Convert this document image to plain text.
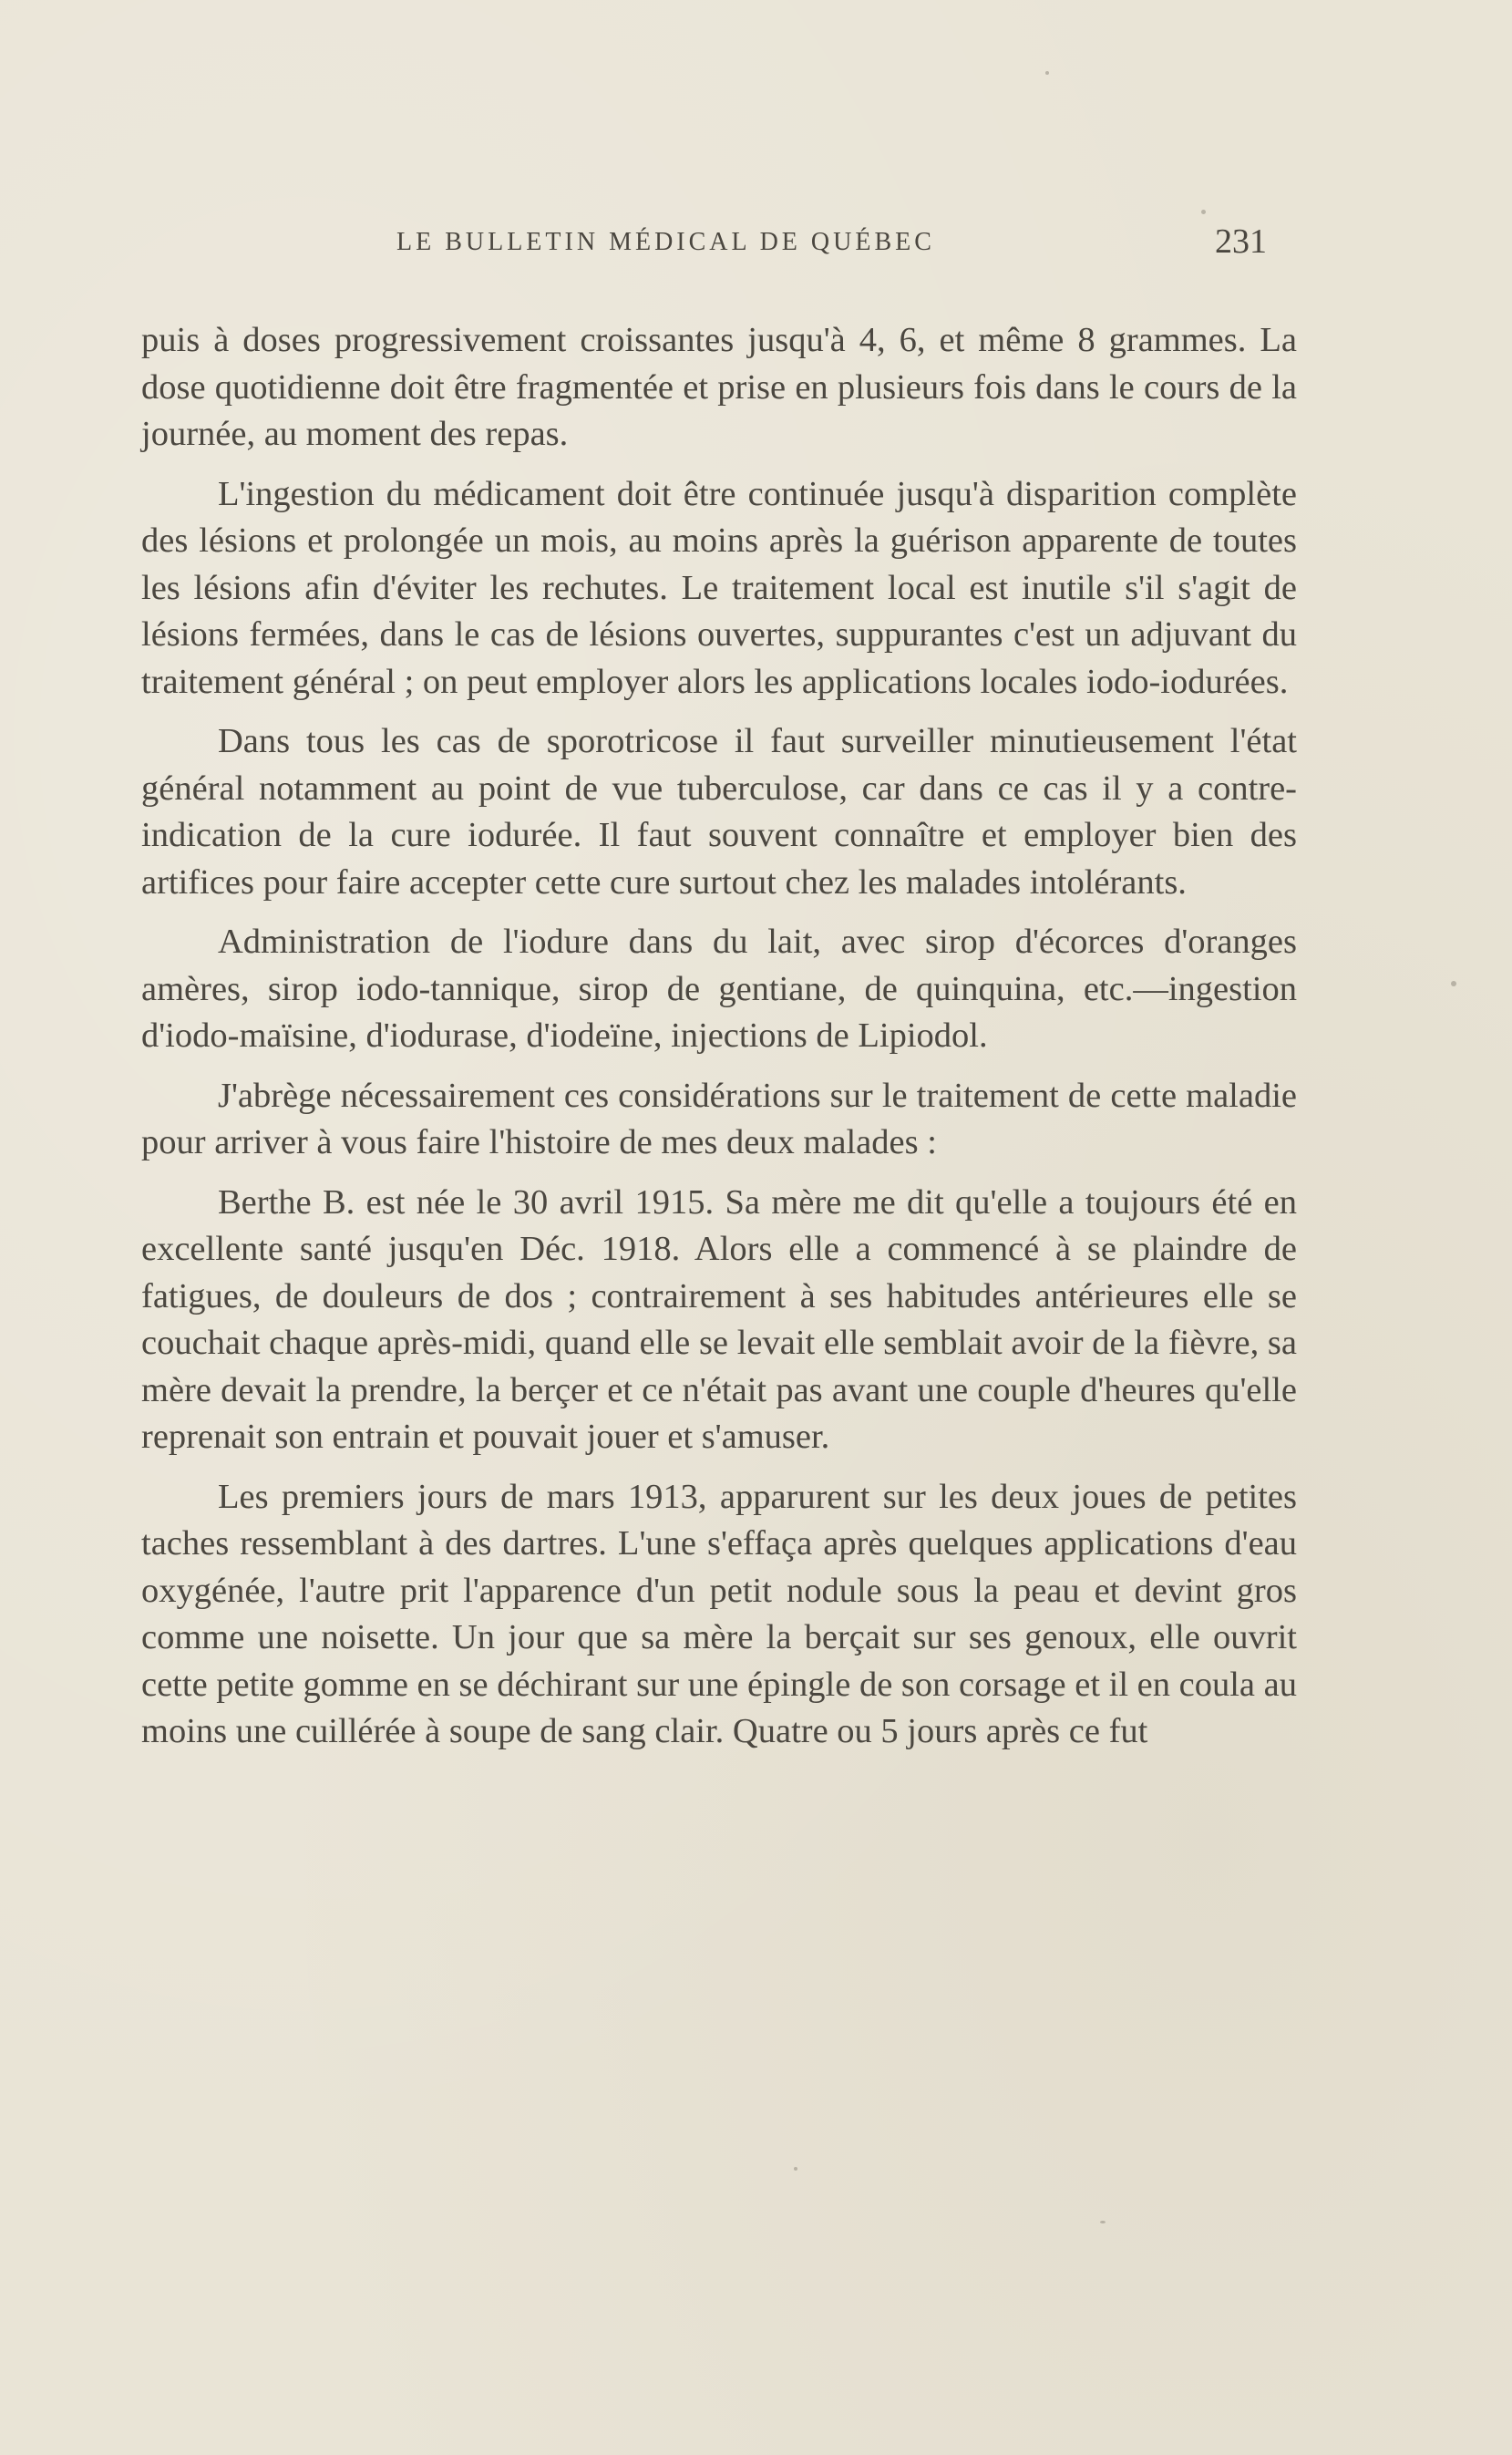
LE BULLETIN MÉDICAL DE QUÉBEC	231

puis à doses progressivement croissantes jusqu'à 4, 6, et même 8 grammes. La dose quotidienne doit être fragmentée et prise en plusieurs fois dans le cours de la journée, au moment des repas.

L'ingestion du médicament doit être continuée jusqu'à disparition complète des lésions et prolongée un mois, au moins après la guérison apparente de toutes les lésions afin d'éviter les rechutes. Le traitement local est inutile s'il s'agit de lésions fermées, dans le cas de lésions ouvertes, suppurantes c'est un adjuvant du traitement général ; on peut employer alors les applications locales iodo-iodurées.

Dans tous les cas de sporotricose il faut surveiller minutieusement l'état général notamment au point de vue tuberculose, car dans ce cas il y a contre-indication de la cure iodurée. Il faut souvent connaître et employer bien des artifices pour faire accepter cette cure surtout chez les malades intolérants.

Administration de l'iodure dans du lait, avec sirop d'écorces d'oranges amères, sirop iodo-tannique, sirop de gentiane, de quinquina, etc.—ingestion d'iodo-maïsine, d'iodurase, d'iodeïne, injections de Lipiodol.

J'abrège nécessairement ces considérations sur le traitement de cette maladie pour arriver à vous faire l'histoire de mes deux malades :

Berthe B. est née le 30 avril 1915. Sa mère me dit qu'elle a toujours été en excellente santé jusqu'en Déc. 1918. Alors elle a commencé à se plaindre de fatigues, de douleurs de dos ; contrairement à ses habitudes antérieures elle se couchait chaque après-midi, quand elle se levait elle semblait avoir de la fièvre, sa mère devait la prendre, la berçer et ce n'était pas avant une couple d'heures qu'elle reprenait son entrain et pouvait jouer et s'amuser.

Les premiers jours de mars 1913, apparurent sur les deux joues de petites taches ressemblant à des dartres. L'une s'effaça après quelques applications d'eau oxygénée, l'autre prit l'apparence d'un petit nodule sous la peau et devint gros comme une noisette. Un jour que sa mère la berçait sur ses genoux, elle ouvrit cette petite gomme en se déchirant sur une épingle de son corsage et il en coula au moins une cuillérée à soupe de sang clair. Quatre ou 5 jours après ce fut
